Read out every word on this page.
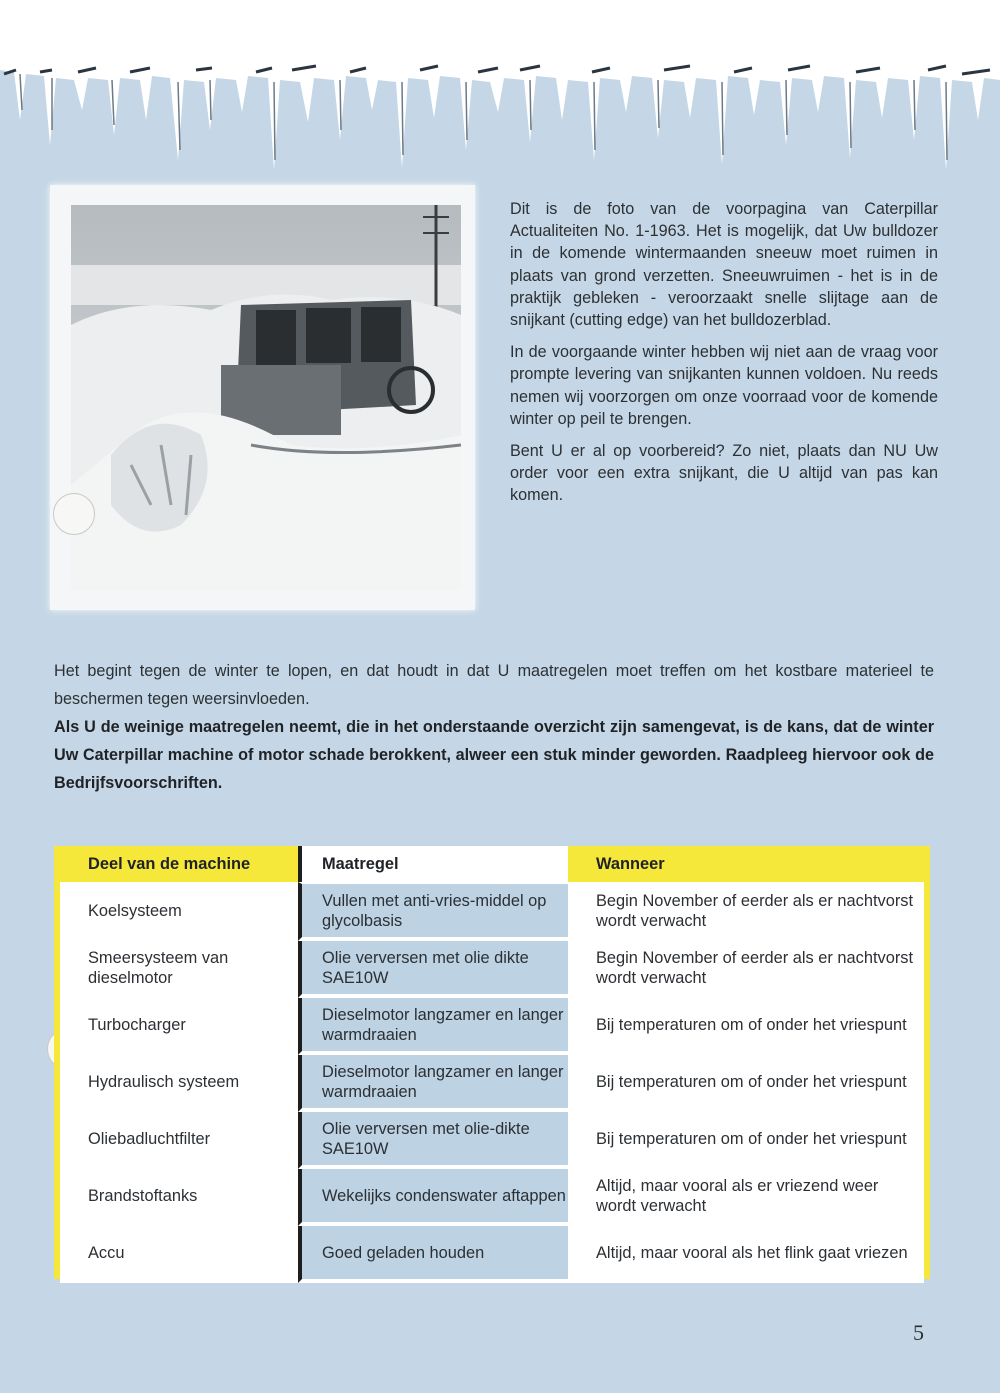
Dit is de foto van de voorpagina van Caterpillar Actualiteiten No. 1-1963. Het is mogelijk, dat Uw bulldozer in de komende wintermaanden sneeuw moet ruimen in plaats van grond verzetten. Sneeuwruimen - het is in de praktijk gebleken - veroorzaakt snelle slijtage aan de snijkant (cutting edge) van het bulldozerblad.

In de voorgaande winter hebben wij niet aan de vraag voor prompte levering van snijkanten kunnen voldoen. Nu reeds nemen wij voorzorgen om onze voorraad voor de komende winter op peil te brengen.

Bent U er al op voorbereid? Zo niet, plaats dan NU Uw order voor een extra snijkant, die U altijd van pas kan komen.

Het begint tegen de winter te lopen, en dat houdt in dat U maatregelen moet treffen om het kostbare materieel te beschermen tegen weersinvloeden.

Als U de weinige maatregelen neemt, die in het onderstaande overzicht zijn samengevat, is de kans, dat de winter Uw Caterpillar machine of motor schade berokkent, alweer een stuk minder geworden. Raadpleeg hiervoor ook de Bedrijfsvoorschriften.

Deel van de machine	Maatregel	Wanneer
Koelsysteem	Vullen met anti-vries-middel op glycolbasis	Begin November of eerder als er nachtvorst wordt verwacht
Smeersysteem van dieselmotor	Olie verversen met olie dikte SAE10W	Begin November of eerder als er nachtvorst wordt verwacht
Turbocharger	Dieselmotor langzamer en langer warmdraaien	Bij temperaturen om of onder het vriespunt
Hydraulisch systeem	Dieselmotor langzamer en langer warmdraaien	Bij temperaturen om of onder het vriespunt
Oliebadluchtfilter	Olie verversen met olie-dikte SAE10W	Bij temperaturen om of onder het vriespunt
Brandstoftanks	Wekelijks condenswater aftappen	Altijd, maar vooral als er vriezend weer wordt verwacht
Accu	Goed geladen houden	Altijd, maar vooral als het flink gaat vriezen
5
